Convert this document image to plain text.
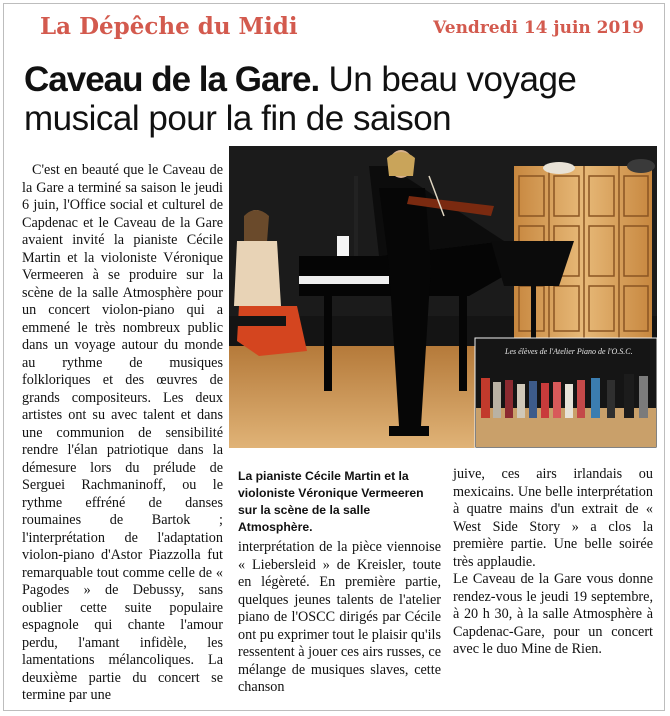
La Dépêche du Midi	Vendredi 14 juin 2019
Caveau de la Gare. Un beau voyage musical pour la fin de saison

C'est en beauté que le Caveau de la Gare a terminé sa saison le jeudi 6 juin, l'Office social et culturel de Capdenac et le Caveau de la Gare avaient invité la pianiste Cécile Martin et la violoniste Véronique Vermeeren à se produire sur la scène de la salle Atmosphère pour un concert violon-piano qui a emmené le très nombreux public dans un voyage autour du monde au rythme de musiques folkloriques et des œuvres de grands compositeurs. Les deux artistes ont su avec talent et dans une communion de sensibilité rendre l'élan patriotique dans la démesure lors du prélude de Serguei Rachmaninoff, ou le rythme effréné de danses roumaines de Bartok ; l'interprétation de l'adaptation violon-piano d'Astor Piazzolla fut remarquable tout comme celle de « Pagodes » de Debussy, sans oublier cette suite populaire espagnole qui chante l'amour perdu, l'amant infidèle, les lamentations mélancoliques. La deuxième partie du concert se termine par une

Les élèves de l'Atelier Piano de l'O.S.C.
La pianiste Cécile Martin et la violoniste Véronique Vermeeren sur la scène de la salle Atmosphère.

interprétation de la pièce viennoise « Liebersleid » de Kreisler, toute en légèreté. En première partie, quelques jeunes talents de l'atelier piano de l'OSCC dirigés par Cécile ont pu exprimer tout le plaisir qu'ils ressentent à jouer ces airs russes, ce mélange de musiques slaves, cette chanson

juive, ces airs irlandais ou mexicains. Une belle interprétation à quatre mains d'un extrait de « West Side Story » a clos la première partie. Une belle soirée très applaudie.

Le Caveau de la Gare vous donne rendez-vous le jeudi 19 septembre, à 20 h 30, à la salle Atmosphère à Capdenac-Gare, pour un concert avec le duo Mine de Rien.
